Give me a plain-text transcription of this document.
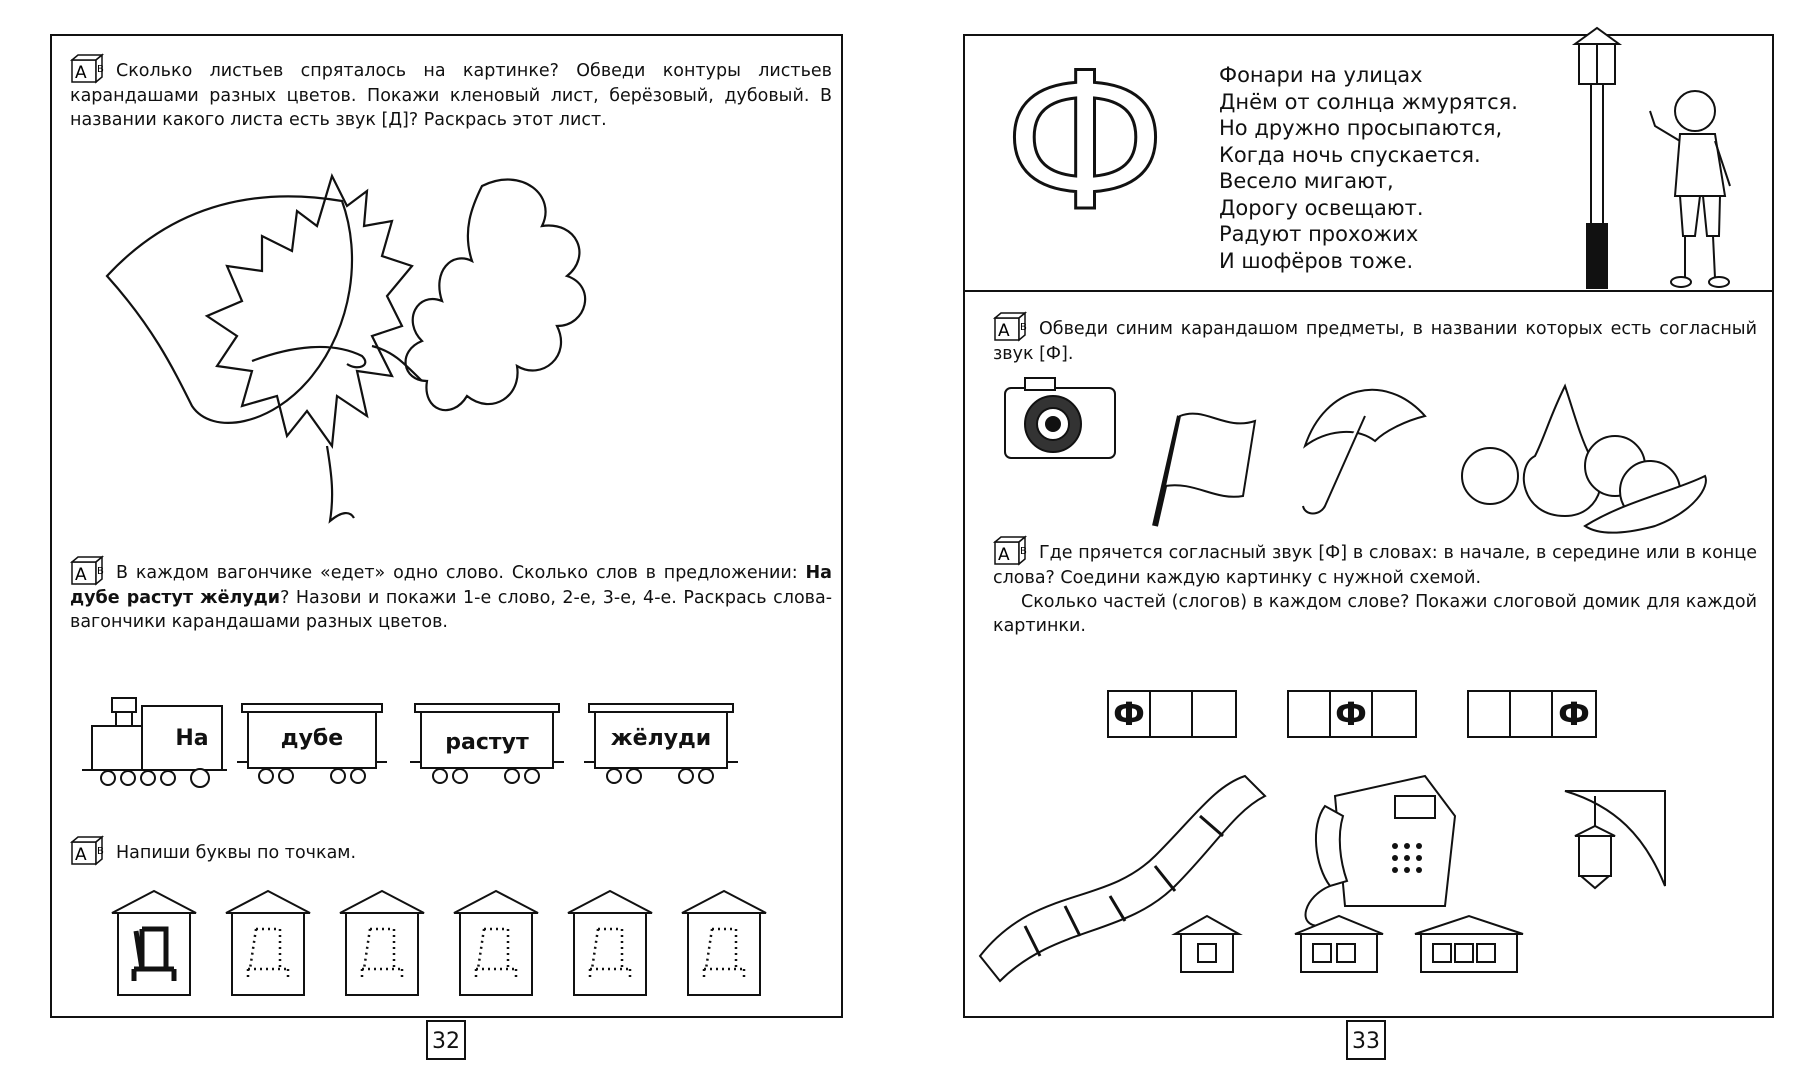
А В Сколько листьев спряталось на картинке? Обведи контуры листьев карандашами разных цветов. Покажи кленовый лист, берёзовый, дубовый. В названии какого листа есть звук [Д]? Раскрась этот лист.
А В В каждом вагончике «едет» одно слово. Сколько слов в предложении: На дубе растут жёлуди? Назови и покажи 1-е слово, 2-е, 3-е, 4-е. Раскрась слова-вагончики карандашами разных цветов.
На	дубе	растут	жёлуди
А В Напиши буквы по точкам.
32
Ф Фонари на улицах
Днём от солнца жмурятся.
Но дружно просыпаются,
Когда ночь спускается.
Весело мигают,
Дорогу освещают.
Радуют прохожих
И шофёров тоже.
А В Обведи синим карандашом предметы, в названии которых есть согласный звук [Ф].
А В Где прячется согласный звук [Ф] в словах: в начале, в середине или в конце слова? Соедини каждую картинку с нужной схемой.
Сколько частей (слогов) в каждом слове? Покажи слоговой домик для каждой картинки.
Ф	Ф	Ф
33
